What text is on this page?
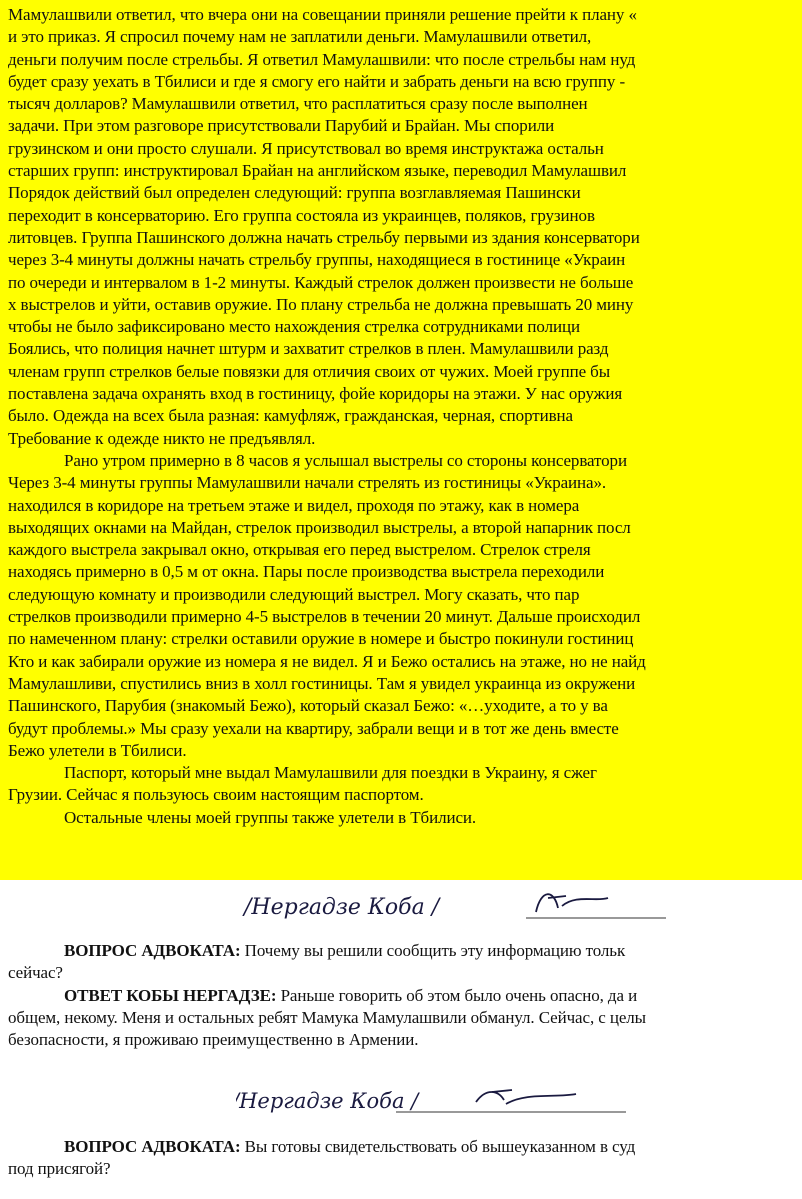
Мамулашвили ответил, что вчера они на совещании приняли решение прейти к плану «
и это приказ. Я спросил почему нам не заплатили деньги. Мамулашвили ответил,
деньги получим после стрельбы. Я ответил Мамулашвили: что после стрельбы нам нуд
будет сразу уехать в Тбилиси и где я смогу его найти и забрать деньги на всю группу -
тысяч долларов? Мамулашвили ответил, что расплатиться сразу после выполнен
задачи. При этом разговоре присутствовали Парубий и Брайан. Мы спорили
грузинском и они просто слушали. Я присутствовал во время инструктажа остальн
старших групп: инструктировал Брайан на английском языке, переводил Мамулашвил
Порядок действий был определен следующий: группа возглавляемая Пашински
переходит в консерваторию. Его группа состояла из украинцев, поляков, грузинов
литовцев. Группа Пашинского должна начать стрельбу первыми из здания консерватори
через 3-4 минуты должны начать стрельбу группы, находящиеся в гостинице «Украин
по очереди и интервалом в 1-2 минуты. Каждый стрелок должен произвести не больше
х выстрелов и уйти, оставив оружие. По плану стрельба не должна превышать 20 мину
чтобы не было зафиксировано место нахождения стрелка сотрудниками полици
Боялись, что полиция начнет штурм и захватит стрелков в плен. Мамулашвили разд
членам групп стрелков белые повязки для отличия своих от чужих. Моей группе бы
поставлена задача охранять вход в гостиницу, фойе коридоры на этажи. У нас оружия
было. Одежда на всех была разная: камуфляж, гражданская, черная, спортивна
Требование к одежде никто не предъявлял.
Рано утром примерно в 8 часов я услышал выстрелы со стороны консерватори
Через 3-4 минуты группы Мамулашвили начали стрелять из гостиницы «Украина».
находился в коридоре на третьем этаже и видел, проходя по этажу, как в номера
выходящих окнами на Майдан, стрелок производил выстрелы, а второй напарник посл
каждого выстрела закрывал окно, открывая его перед выстрелом. Стрелок стреля
находясь примерно в 0,5 м от окна. Пары после производства выстрела переходили
следующую комнату и производили следующий выстрел. Могу сказать, что пар
стрелков производили примерно 4-5 выстрелов в течении 20 минут. Дальше происходил
по намеченном плану: стрелки оставили оружие в номере и быстро покинули гостиниц
Кто и как забирали оружие из номера я не видел. Я и Бежо остались на этаже, но не найд
Мамулашливи, спустились вниз в холл гостиницы. Там я увидел украинца из окружени
Пашинского, Парубия (знакомый Бежо), который сказал Бежо: «…уходите, а то у ва
будут проблемы.» Мы сразу уехали на квартиру, забрали вещи и в тот же день вместе
Бежо улетели в Тбилиси.
Паспорт, который мне выдал Мамулашвили для поездки в Украину, я сжег
Грузии. Сейчас я пользуюсь своим настоящим паспортом.
Остальные члены моей группы также улетели в Тбилиси.
/Нергадзе Коба /
ВОПРОС АДВОКАТА: Почему вы решили сообщить эту информацию тольк
сейчас?
ОТВЕТ КОБЫ НЕРГАДЗЕ: Раньше говорить об этом было очень опасно, да и
общем, некому. Меня и остальных ребят Мамука Мамулашвили обманул. Сейчас, с целы
безопасности, я проживаю преимущественно в Армении.
/Нергадзе Коба /
ВОПРОС АДВОКАТА: Вы готовы свидетельствовать об вышеуказанном в суд
под присягой?
